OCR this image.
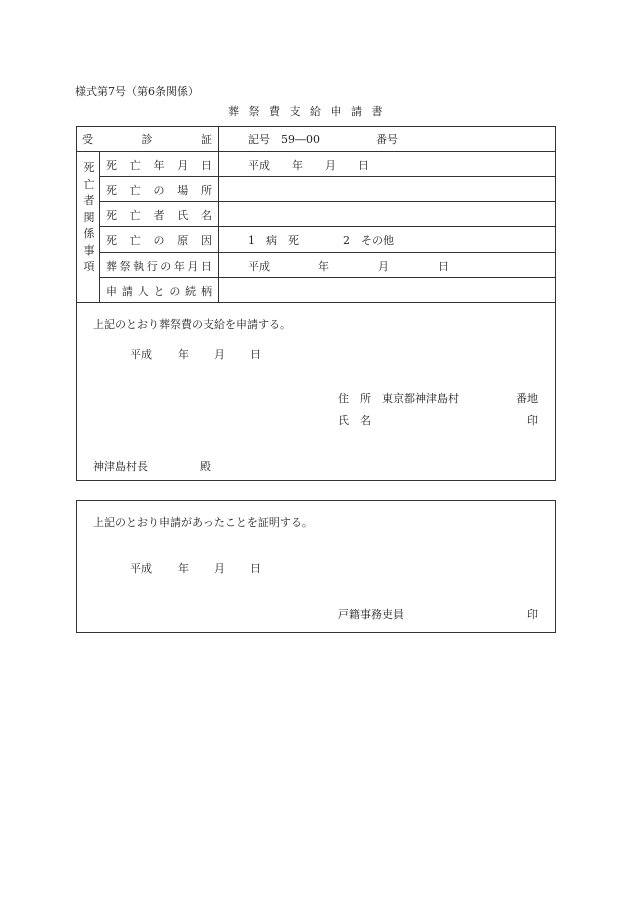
様式第7号（第6条関係）
葬祭費支給申請書
受	診	証	記号　59―00	番号
死亡者関係事項
死 亡 年 月 日	平成　　年　　月　　日
死 亡 の 場 所
死 亡 者 氏 名
死 亡 の 原 因	1　病　死　　　　2　その他
葬 祭 執 行 の 年 月 日	平成	年	月	日
申 請 人 と の 続 柄
上記のとおり葬祭費の支給を申請する。
平成 年 月 日
住　所　東京都神津島村	番地
氏　名	印
神津島村長	殿
上記のとおり申請があったことを証明する。
平成 年 月 日
戸籍事務吏員	印
